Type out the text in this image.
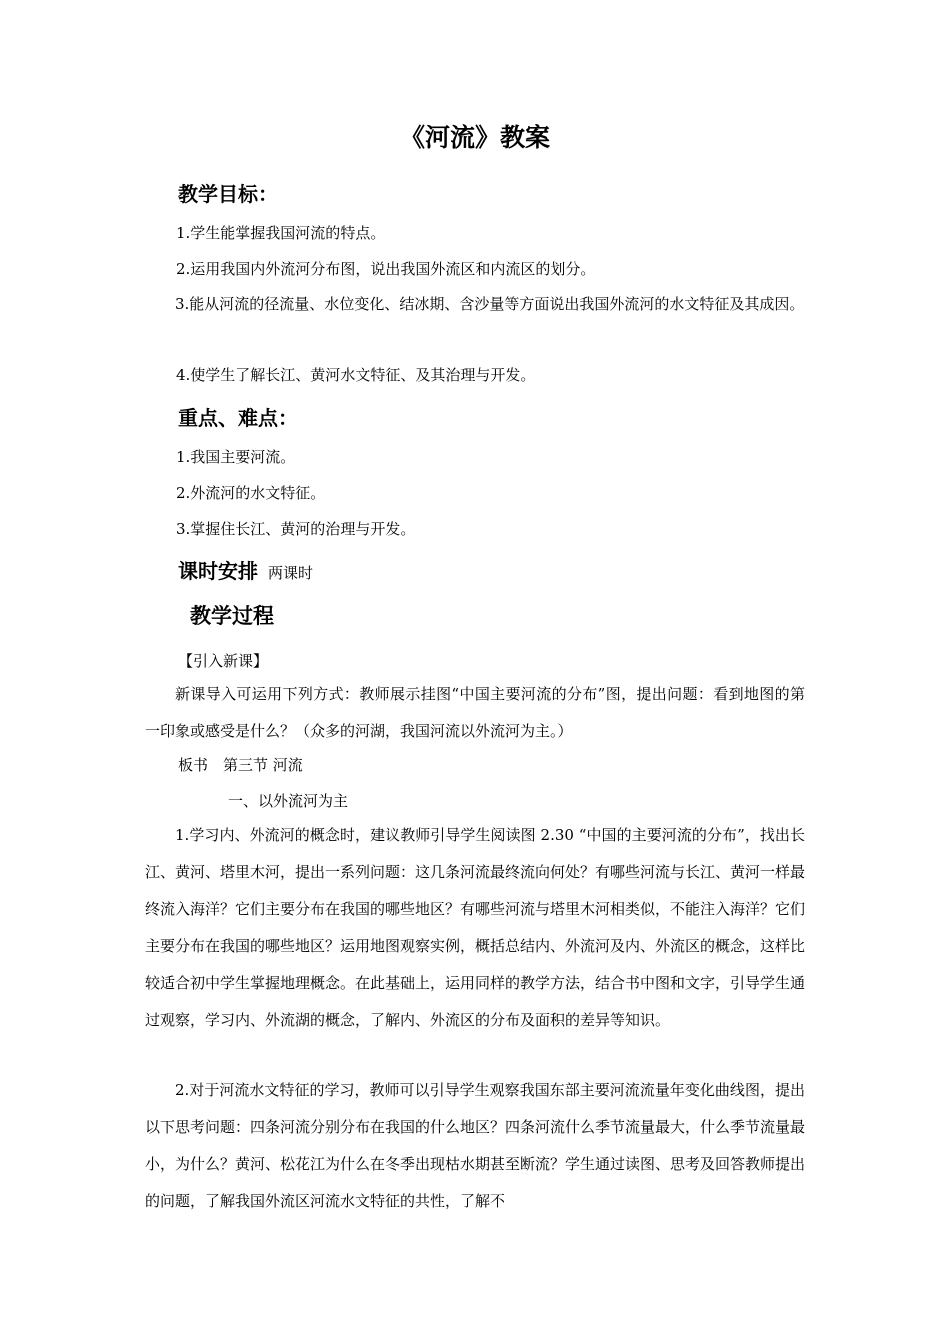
《河流》教案
教学目标：
1.学生能掌握我国河流的特点。
2.运用我国内外流河分布图，说出我国外流区和内流区的划分。

3.能从河流的径流量、水位变化、结冰期、含沙量等方面说出我国外流河的水文特征及其成因。

4.使学生了解长江、黄河水文特征、及其治理与开发。
重点、难点：
1.我国主要河流。
2.外流河的水文特征。
3.掌握住长江、黄河的治理与开发。
课时安排 两课时
教学过程
【引入新课】

新课导入可运用下列方式：教师展示挂图“中国主要河流的分布”图，提出问题：看到地图的第一印象或感受是什么？（众多的河湖，我国河流以外流河为主。）

板书　第三节 河流
一、以外流河为主

1.学习内、外流河的概念时，建议教师引导学生阅读图 2.30 “中国的主要河流的分布”，找出长江、黄河、塔里木河，提出一系列问题：这几条河流最终流向何处？有哪些河流与长江、黄河一样最终流入海洋？它们主要分布在我国的哪些地区？有哪些河流与塔里木河相类似，不能注入海洋？它们主要分布在我国的哪些地区？运用地图观察实例，概括总结内、外流河及内、外流区的概念，这样比较适合初中学生掌握地理概念。在此基础上，运用同样的教学方法，结合书中图和文字，引导学生通过观察，学习内、外流湖的概念，了解内、外流区的分布及面积的差异等知识。

2.对于河流水文特征的学习，教师可以引导学生观察我国东部主要河流流量年变化曲线图，提出以下思考问题：四条河流分别分布在我国的什么地区？四条河流什么季节流量最大，什么季节流量最小，为什么？黄河、松花江为什么在冬季出现枯水期甚至断流？学生通过读图、思考及回答教师提出的问题，了解我国外流区河流水文特征的共性，了解不
